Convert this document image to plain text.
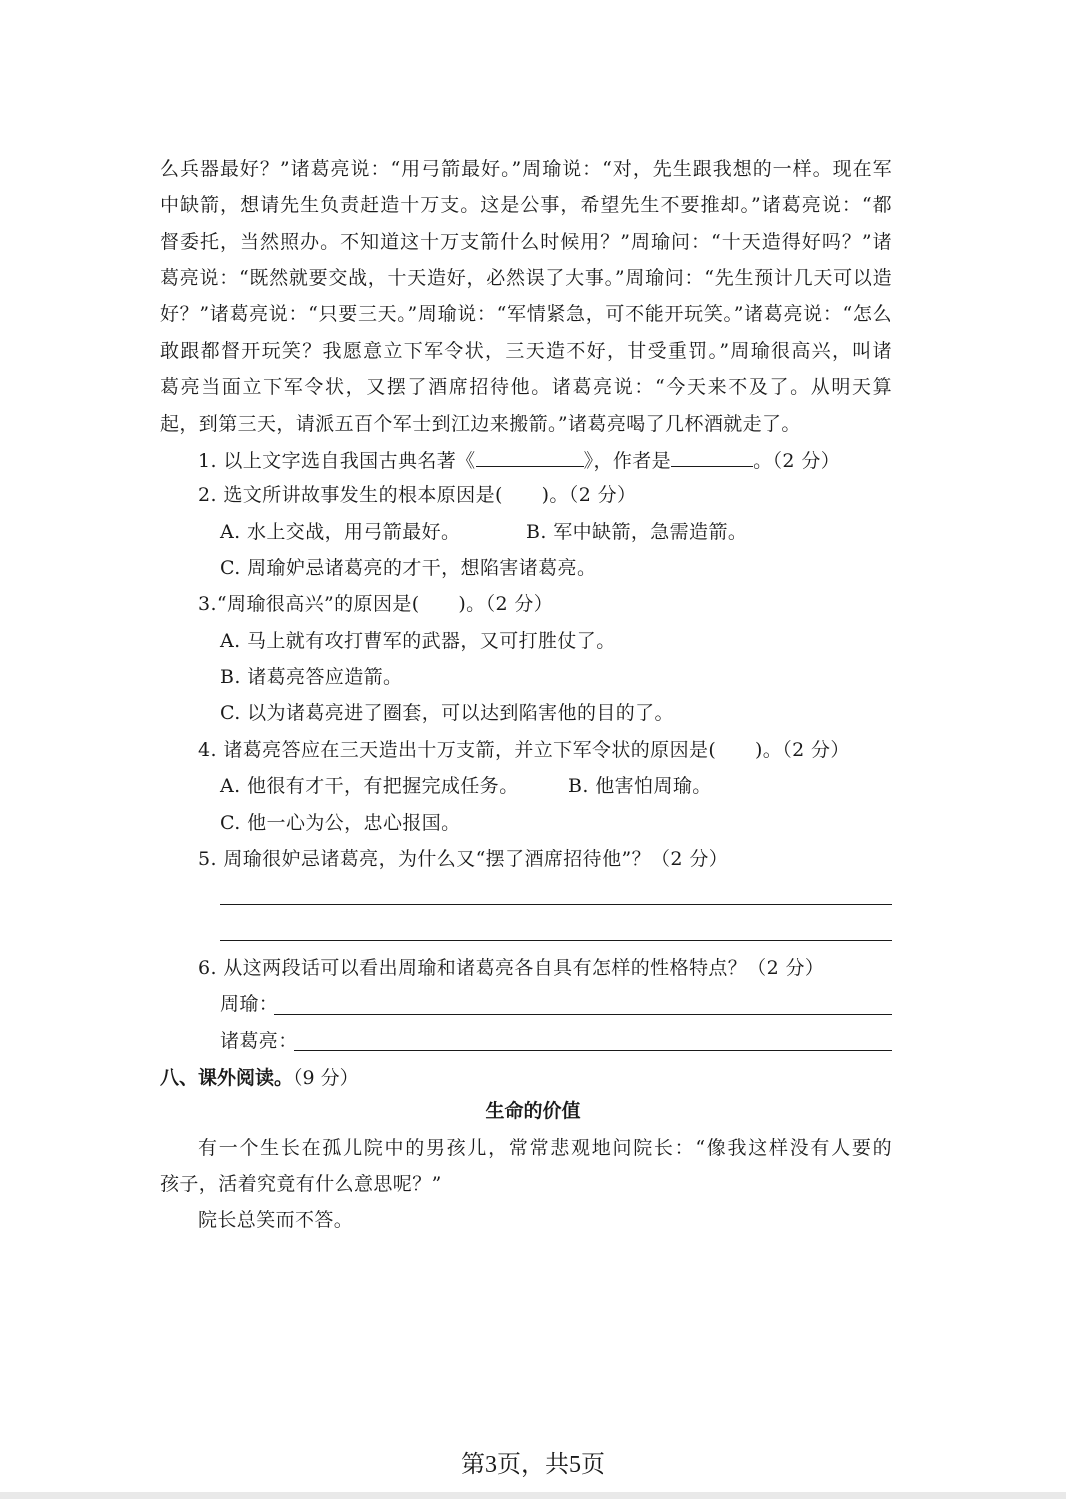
么兵器最好？”诸葛亮说：“用弓箭最好。”周瑜说：“对，先生跟我想的一样。现在军
中缺箭，想请先生负责赶造十万支。这是公事，希望先生不要推却。”诸葛亮说：“都
督委托，当然照办。不知道这十万支箭什么时候用？”周瑜问：“十天造得好吗？”诸
葛亮说：“既然就要交战，十天造好，必然误了大事。”周瑜问：“先生预计几天可以造
好？”诸葛亮说：“只要三天。”周瑜说：“军情紧急，可不能开玩笑。”诸葛亮说：“怎么
敢跟都督开玩笑？我愿意立下军令状，三天造不好，甘受重罚。”周瑜很高兴，叫诸
葛亮当面立下军令状，又摆了酒席招待他。诸葛亮说：“今天来不及了。从明天算
起，到第三天，请派五百个军士到江边来搬箭。”诸葛亮喝了几杯酒就走了。
1. 以上文字选自我国古典名著《	》，作者是	。（2 分）
2. 选文所讲故事发生的根本原因是(　　)。（2 分）
A. 水上交战，用弓箭最好。	B. 军中缺箭，急需造箭。
C. 周瑜妒忌诸葛亮的才干，想陷害诸葛亮。
3.“周瑜很高兴”的原因是(　　)。（2 分）
A. 马上就有攻打曹军的武器，又可打胜仗了。
B. 诸葛亮答应造箭。
C. 以为诸葛亮进了圈套，可以达到陷害他的目的了。
4. 诸葛亮答应在三天造出十万支箭，并立下军令状的原因是(　　)。（2 分）
A. 他很有才干，有把握完成任务。	B. 他害怕周瑜。
C. 他一心为公，忠心报国。
5. 周瑜很妒忌诸葛亮，为什么又“摆了酒席招待他”？（2 分）
6. 从这两段话可以看出周瑜和诸葛亮各自具有怎样的性格特点？（2 分）
周瑜：
诸葛亮：
八、课外阅读。（9 分）
生命的价值
有一个生长在孤儿院中的男孩儿，常常悲观地问院长：“像我这样没有人要的
孩子，活着究竟有什么意思呢？”
院长总笑而不答。
第3页，共5页
